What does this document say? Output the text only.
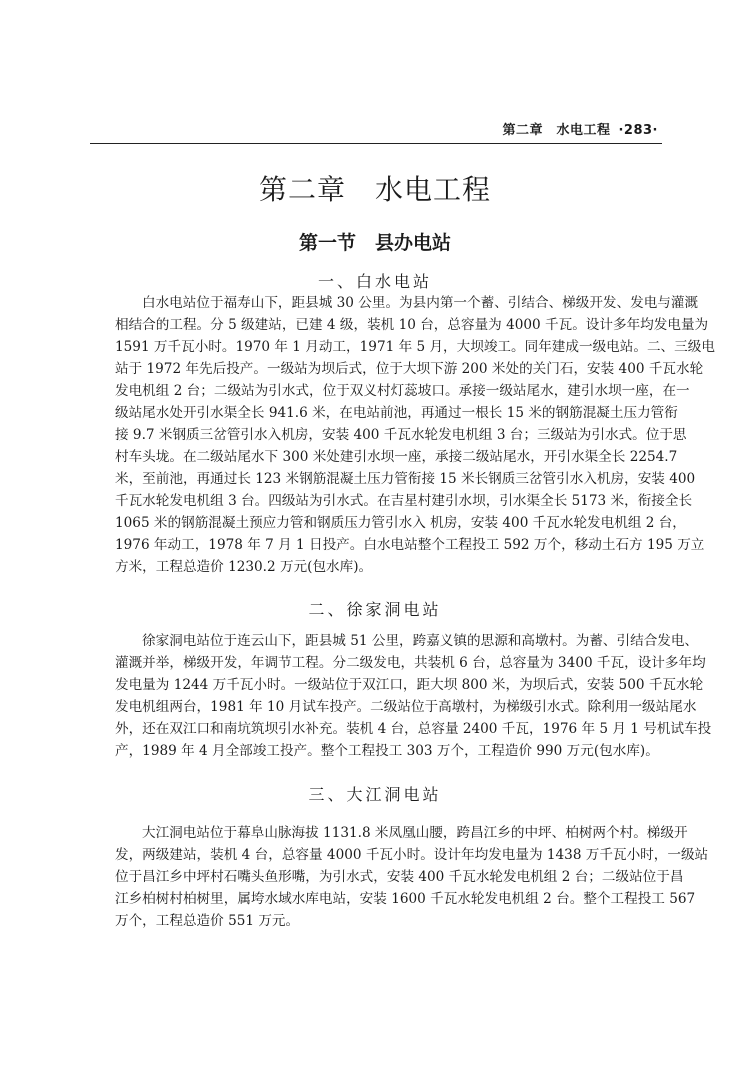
第二章　水电工程 ·283·
第二章　水电工程
第一节　县办电站
一、白水电站
白水电站位于福寿山下，距县城 30 公里。为县内第一个蓄、引结合、梯级开发、发电与灌溉
相结合的工程。分 5 级建站，已建 4 级，装机 10 台，总容量为 4000 千瓦。设计多年均发电量为
1591 万千瓦小时。1970 年 1 月动工，1971 年 5 月，大坝竣工。同年建成一级电站。二、三级电
站于 1972 年先后投产。一级站为坝后式，位于大坝下游 200 米处的关门石，安装 400 千瓦水轮
发电机组 2 台；二级站为引水式，位于双义村灯蕊坡口。承接一级站尾水，建引水坝一座，在一
级站尾水处开引水渠全长 941.6 米，在电站前池，再通过一根长 15 米的钢筋混凝土压力管衔
接 9.7 米钢质三岔管引水入机房，安装 400 千瓦水轮发电机组 3 台；三级站为引水式。位于思
村车头垅。在二级站尾水下 300 米处建引水坝一座，承接二级站尾水，开引水渠全长 2254.7
米，至前池，再通过长 123 米钢筋混凝土压力管衔接 15 米长钢质三岔管引水入机房，安装 400
千瓦水轮发电机组 3 台。四级站为引水式。在吉星村建引水坝，引水渠全长 5173 米，衔接全长
1065 米的钢筋混凝土预应力管和钢质压力管引水入 机房，安装 400 千瓦水轮发电机组 2 台，
1976 年动工，1978 年 7 月 1 日投产。白水电站整个工程投工 592 万个，移动土石方 195 万立
方米，工程总造价 1230.2 万元(包水库)。
二、徐家洞电站
徐家洞电站位于连云山下，距县城 51 公里，跨嘉义镇的思源和高墩村。为蓄、引结合发电、
灌溉并举，梯级开发，年调节工程。分二级发电，共装机 6 台，总容量为 3400 千瓦，设计多年均
发电量为 1244 万千瓦小时。一级站位于双江口，距大坝 800 米，为坝后式，安装 500 千瓦水轮
发电机组两台，1981 年 10 月试车投产。二级站位于高墩村，为梯级引水式。除利用一级站尾水
外，还在双江口和南坑筑坝引水补充。装机 4 台，总容量 2400 千瓦，1976 年 5 月 1 号机试车投
产，1989 年 4 月全部竣工投产。整个工程投工 303 万个，工程造价 990 万元(包水库)。
三、大江洞电站
大江洞电站位于幕阜山脉海拔 1131.8 米凤凰山腰，跨昌江乡的中坪、柏树两个村。梯级开
发，两级建站，装机 4 台，总容量 4000 千瓦小时。设计年均发电量为 1438 万千瓦小时，一级站
位于昌江乡中坪村石嘴头鱼形嘴，为引水式，安装 400 千瓦水轮发电机组 2 台；二级站位于昌
江乡柏树村柏树里，属垮水域水库电站，安装 1600 千瓦水轮发电机组 2 台。整个工程投工 567
万个，工程总造价 551 万元。
